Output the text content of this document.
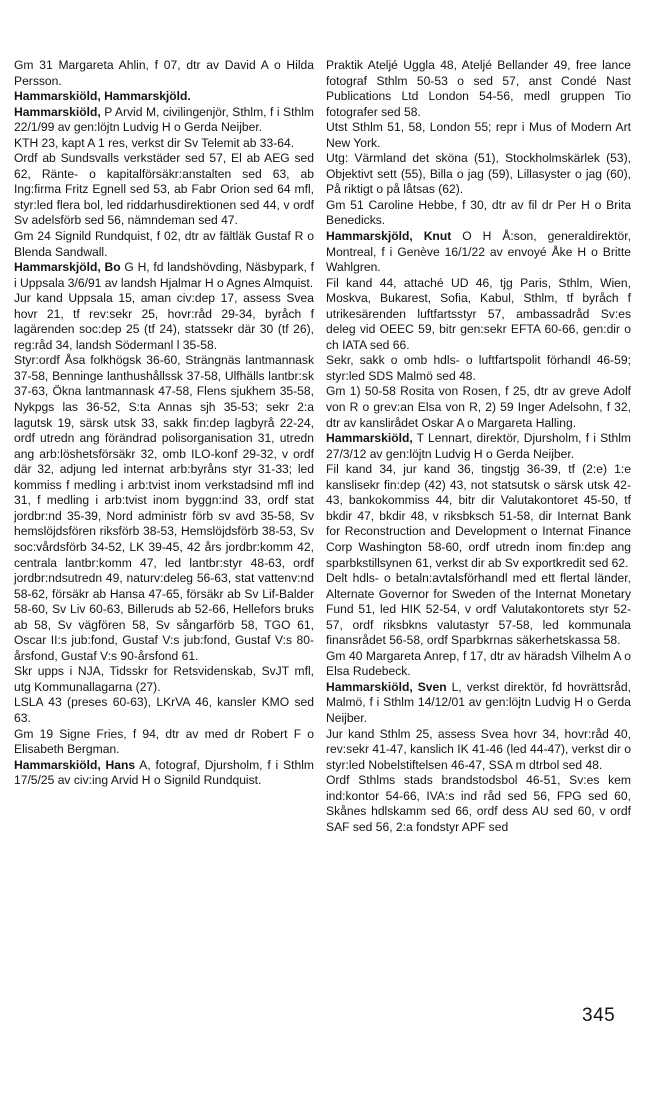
Gm 31 Margareta Ahlin, f 07, dtr av David A o Hilda Persson.

Hammarskiöld, Hammarskjöld.

Hammarskiöld, P Arvid M, civilingenjör, Sthlm, f i Sthlm 22/1/99 av gen:löjtn Ludvig H o Gerda Neijber.

KTH 23, kapt A 1 res, verkst dir Sv Telemit ab 33-64.

Ordf ab Sundsvalls verkstäder sed 57, El ab AEG sed 62, Ränte- o kapitalförsäkr:anstalten sed 63, ab Ing:firma Fritz Egnell sed 53, ab Fabr Orion sed 64 mfl, styr:led flera bol, led riddarhusdirektionen sed 44, v ordf Sv adelsförb sed 56, nämndeman sed 47.

Gm 24 Signild Rundquist, f 02, dtr av fältläk Gustaf R o Blenda Sandwall.

Hammarskjöld, Bo G H, fd landshövding, Näsbypark, f i Uppsala 3/6/91 av landsh Hjalmar H o Agnes Almquist.

Jur kand Uppsala 15, aman civ:dep 17, assess Svea hovr 21, tf rev:sekr 25, hovr:råd 29-34, byråch f lagärenden soc:dep 25 (tf 24), statssekr där 30 (tf 26), reg:råd 34, landsh Södermanl l 35-58.

Styr:ordf Åsa folkhögsk 36-60, Strängnäs lantmannask 37-58, Benninge lanthushållssk 37-58, Ulfhälls lantbr:sk 37-63, Ökna lantmannask 47-58, Flens sjukhem 35-58, Nykpgs las 36-52, S:ta Annas sjh 35-53; sekr 2:a lagutsk 19, särsk utsk 33, sakk fin:dep lagbyrå 22-24, ordf utredn ang förändrad polisorganisation 31, utredn ang arb:löshetsförsäkr 32, omb ILO-konf 29-32, v ordf där 32, adjung led internat arb:byråns styr 31-33; led kommiss f medling i arb:tvist inom verkstadsind mfl ind 31, f medling i arb:tvist inom byggn:ind 33, ordf stat jordbr:nd 35-39, Nord administr förb sv avd 35-58, Sv hemslöjdsfören riksförb 38-53, Hemslöjdsförb 38-53, Sv soc:vårdsförb 34-52, LK 39-45, 42 års jordbr:komm 42, centrala lantbr:komm 47, led lantbr:styr 48-63, ordf jordbr:ndsutredn 49, naturv:deleg 56-63, stat vattenv:nd 58-62, försäkr ab Hansa 47-65, försäkr ab Sv Lif-Balder 58-60, Sv Liv 60-63, Billeruds ab 52-66, Hellefors bruks ab 58, Sv vägfören 58, Sv sångarförb 58, TGO 61, Oscar II:s jub:fond, Gustaf V:s jub:fond, Gustaf V:s 80-årsfond, Gustaf V:s 90-årsfond 61.

Skr upps i NJA, Tidsskr for Retsvidenskab, SvJT mfl, utg Kommunallagarna (27).

LSLA 43 (preses 60-63), LKrVA 46, kansler KMO sed 63.

Gm 19 Signe Fries, f 94, dtr av med dr Robert F o Elisabeth Bergman.

Hammarskiöld, Hans A, fotograf, Djursholm, f i Sthlm 17/5/25 av civ:ing Arvid H o Signild Rundquist.

Praktik Ateljé Uggla 48, Ateljé Bellander 49, free lance fotograf Sthlm 50-53 o sed 57, anst Condé Nast Publications Ltd London 54-56, medl gruppen Tio fotografer sed 58.

Utst Sthlm 51, 58, London 55; repr i Mus of Modern Art New York.

Utg: Värmland det sköna (51), Stockholmskärlek (53), Objektivt sett (55), Billa o jag (59), Lillasyster o jag (60), På riktigt o på låtsas (62).

Gm 51 Caroline Hebbe, f 30, dtr av fil dr Per H o Brita Benedicks.

Hammarskjöld, Knut O H Å:son, generaldirektör, Montreal, f i Genève 16/1/22 av envoyé Åke H o Britte Wahlgren.

Fil kand 44, attaché UD 46, tjg Paris, Sthlm, Wien, Moskva, Bukarest, Sofia, Kabul, Sthlm, tf byråch f utrikesärenden luftfartsstyr 57, ambassadråd Sv:es deleg vid OEEC 59, bitr gen:sekr EFTA 60-66, gen:dir o ch IATA sed 66.

Sekr, sakk o omb hdls- o luftfartspolit förhandl 46-59; styr:led SDS Malmö sed 48.

Gm 1) 50-58 Rosita von Rosen, f 25, dtr av greve Adolf von R o grev:an Elsa von R, 2) 59 Inger Adelsohn, f 32, dtr av kanslirådet Oskar A o Margareta Halling.

Hammarskiöld, T Lennart, direktör, Djursholm, f i Sthlm 27/3/12 av gen:löjtn Ludvig H o Gerda Neijber.

Fil kand 34, jur kand 36, tingstjg 36-39, tf (2:e) 1:e kanslisekr fin:dep (42) 43, not statsutsk o särsk utsk 42-43, bankokommiss 44, bitr dir Valutakontoret 45-50, tf bkdir 47, bkdir 48, v riksbksch 51-58, dir Internat Bank for Reconstruction and Development o Internat Finance Corp Washington 58-60, ordf utredn inom fin:dep ang sparbkstillsynen 61, verkst dir ab Sv exportkredit sed 62.

Delt hdls- o betaln:avtalsförhandl med ett flertal länder, Alternate Governor for Sweden of the Internat Monetary Fund 51, led HIK 52-54, v ordf Valutakontorets styr 52-57, ordf riksbkns valutastyr 57-58, led kommunala finansrådet 56-58, ordf Sparbkrnas säkerhetskassa 58.

Gm 40 Margareta Anrep, f 17, dtr av häradsh Vilhelm A o Elsa Rudebeck.

Hammarskiöld, Sven L, verkst direktör, fd hovrättsråd, Malmö, f i Sthlm 14/12/01 av gen:löjtn Ludvig H o Gerda Neijber.

Jur kand Sthlm 25, assess Svea hovr 34, hovr:råd 40, rev:sekr 41-47, kanslich IK 41-46 (led 44-47), verkst dir o styr:led Nobelstiftelsen 46-47, SSA m dtrbol sed 48.

Ordf Sthlms stads brandstodsbol 46-51, Sv:es kem ind:kontor 54-66, IVA:s ind råd sed 56, FPG sed 60, Skånes hdlskamm sed 66, ordf dess AU sed 60, v ordf SAF sed 56, 2:a fondstyr APF sed

345
